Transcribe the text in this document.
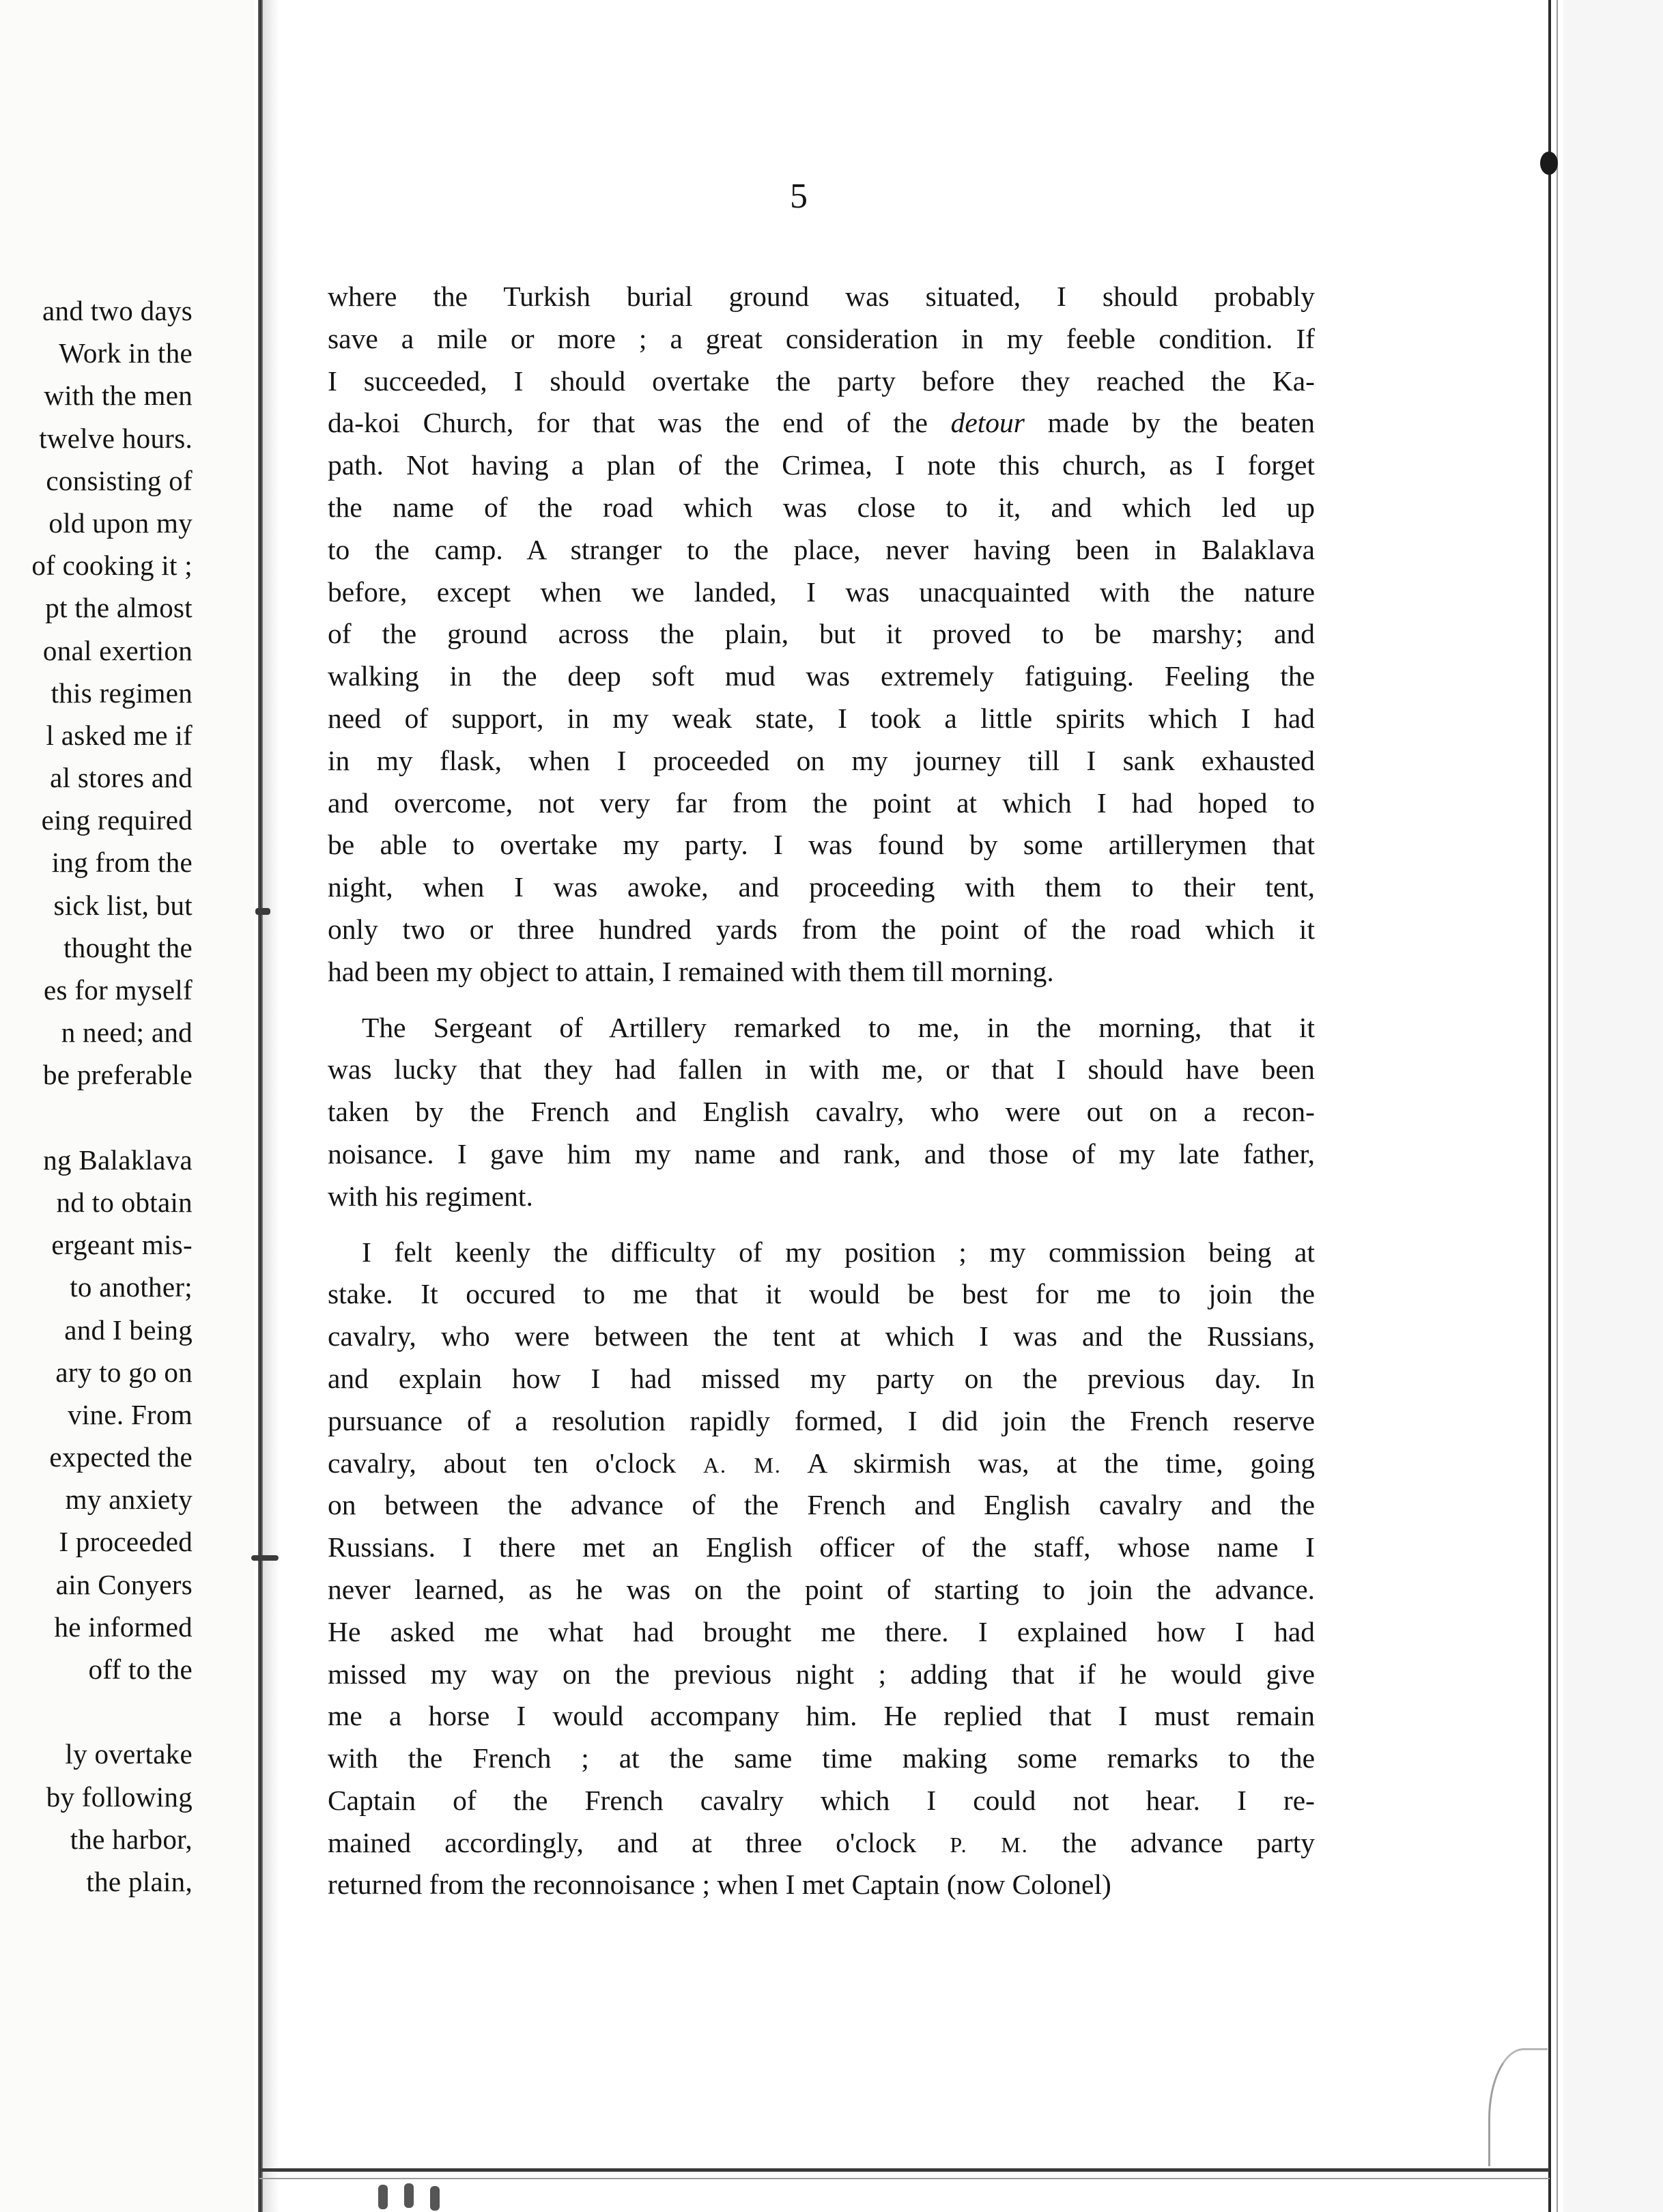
and two days
Work in the
with the men
twelve hours.
consisting of
old upon my
of cooking it ;
pt the almost
onal exertion
this regimen
l asked me if
al stores and
eing required
ing from the
sick list, but
thought the
es for myself
n need; and
be preferable
ng Balaklava
nd to obtain
ergeant mis-
to another;
and I being
ary to go on
vine. From
expected the
my anxiety
I proceeded
ain Conyers
he informed
off to the
ly overtake
by following
the harbor,
the plain,
5
where the Turkish burial ground was situated, I should probably
save a mile or more ; a great consideration in my feeble condition. If
I succeeded, I should overtake the party before they reached the Ka-
da-koi Church, for that was the end of the detour made by the beaten
path. Not having a plan of the Crimea, I note this church, as I forget
the name of the road which was close to it, and which led up
to the camp. A stranger to the place, never having been in Balaklava
before, except when we landed, I was unacquainted with the nature
of the ground across the plain, but it proved to be marshy; and
walking in the deep soft mud was extremely fatiguing. Feeling the
need of support, in my weak state, I took a little spirits which I had
in my flask, when I proceeded on my journey till I sank exhausted
and overcome, not very far from the point at which I had hoped to
be able to overtake my party. I was found by some artillerymen that
night, when I was awoke, and proceeding with them to their tent,
only two or three hundred yards from the point of the road which it
had been my object to attain, I remained with them till morning.
The Sergeant of Artillery remarked to me, in the morning, that it
was lucky that they had fallen in with me, or that I should have been
taken by the French and English cavalry, who were out on a recon-
noisance. I gave him my name and rank, and those of my late father,
with his regiment.
I felt keenly the difficulty of my position ; my commission being at
stake. It occured to me that it would be best for me to join the
cavalry, who were between the tent at which I was and the Russians,
and explain how I had missed my party on the previous day. In
pursuance of a resolution rapidly formed, I did join the French reserve
cavalry, about ten o'clock A. M. A skirmish was, at the time, going
on between the advance of the French and English cavalry and the
Russians. I there met an English officer of the staff, whose name I
never learned, as he was on the point of starting to join the advance.
He asked me what had brought me there. I explained how I had
missed my way on the previous night ; adding that if he would give
me a horse I would accompany him. He replied that I must remain
with the French ; at the same time making some remarks to the
Captain of the French cavalry which I could not hear. I re-
mained accordingly, and at three o'clock P. M. the advance party
returned from the reconnoisance ; when I met Captain (now Colonel)
